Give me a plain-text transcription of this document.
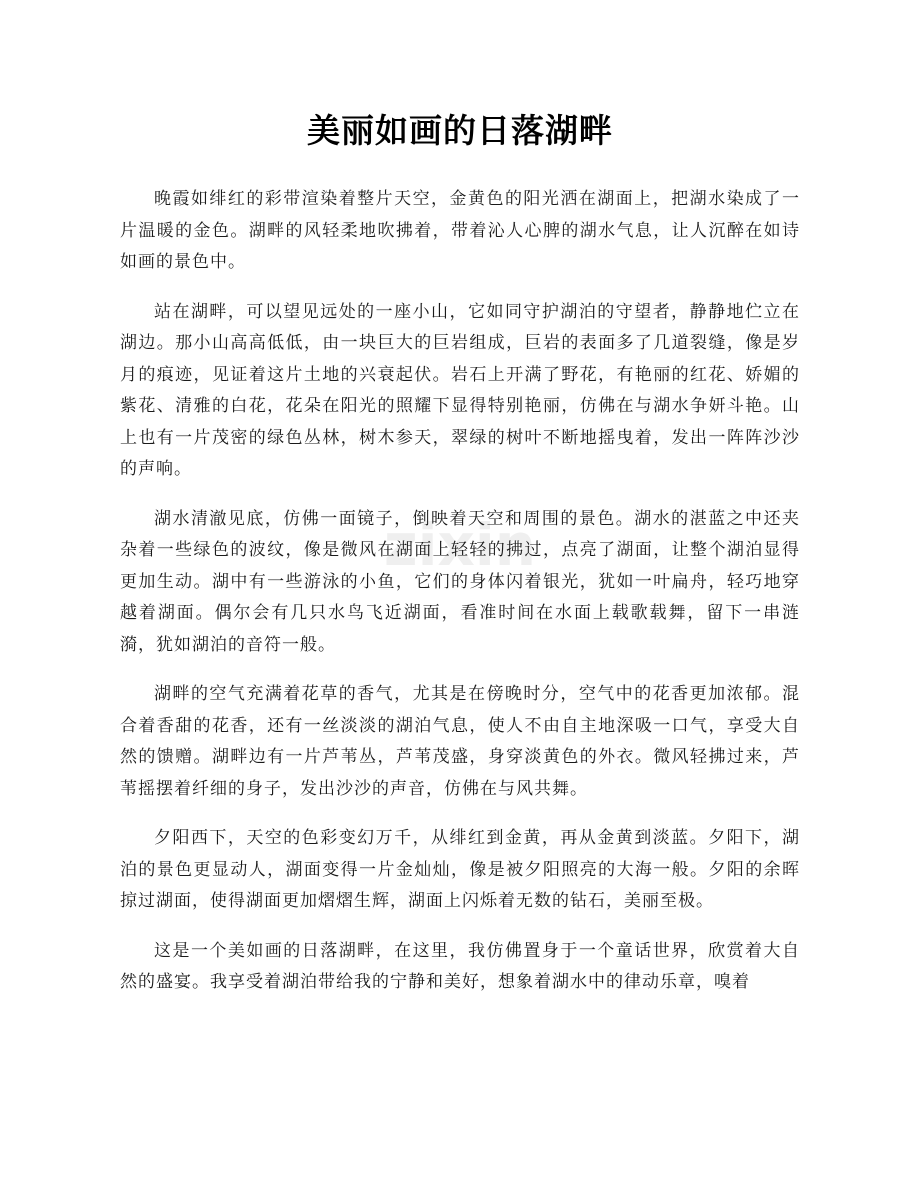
美丽如画的日落湖畔
zixin

晚霞如绯红的彩带渲染着整片天空，金黄色的阳光洒在湖面上，把湖水染成了一片温暖的金色。湖畔的风轻柔地吹拂着，带着沁人心脾的湖水气息，让人沉醉在如诗如画的景色中。

站在湖畔，可以望见远处的一座小山，它如同守护湖泊的守望者，静静地伫立在湖边。那小山高高低低，由一块巨大的巨岩组成，巨岩的表面多了几道裂缝，像是岁月的痕迹，见证着这片土地的兴衰起伏。岩石上开满了野花，有艳丽的红花、娇媚的紫花、清雅的白花，花朵在阳光的照耀下显得特别艳丽，仿佛在与湖水争妍斗艳。山上也有一片茂密的绿色丛林，树木参天，翠绿的树叶不断地摇曳着，发出一阵阵沙沙的声响。

湖水清澈见底，仿佛一面镜子，倒映着天空和周围的景色。湖水的湛蓝之中还夹杂着一些绿色的波纹，像是微风在湖面上轻轻的拂过，点亮了湖面，让整个湖泊显得更加生动。湖中有一些游泳的小鱼，它们的身体闪着银光，犹如一叶扁舟，轻巧地穿越着湖面。偶尔会有几只水鸟飞近湖面，看准时间在水面上载歌载舞，留下一串涟漪，犹如湖泊的音符一般。

湖畔的空气充满着花草的香气，尤其是在傍晚时分，空气中的花香更加浓郁。混合着香甜的花香，还有一丝淡淡的湖泊气息，使人不由自主地深吸一口气，享受大自然的馈赠。湖畔边有一片芦苇丛，芦苇茂盛，身穿淡黄色的外衣。微风轻拂过来，芦苇摇摆着纤细的身子，发出沙沙的声音，仿佛在与风共舞。

夕阳西下，天空的色彩变幻万千，从绯红到金黄，再从金黄到淡蓝。夕阳下，湖泊的景色更显动人，湖面变得一片金灿灿，像是被夕阳照亮的大海一般。夕阳的余晖掠过湖面，使得湖面更加熠熠生辉，湖面上闪烁着无数的钻石，美丽至极。

这是一个美如画的日落湖畔，在这里，我仿佛置身于一个童话世界，欣赏着大自然的盛宴。我享受着湖泊带给我的宁静和美好，想象着湖水中的律动乐章，嗅着
